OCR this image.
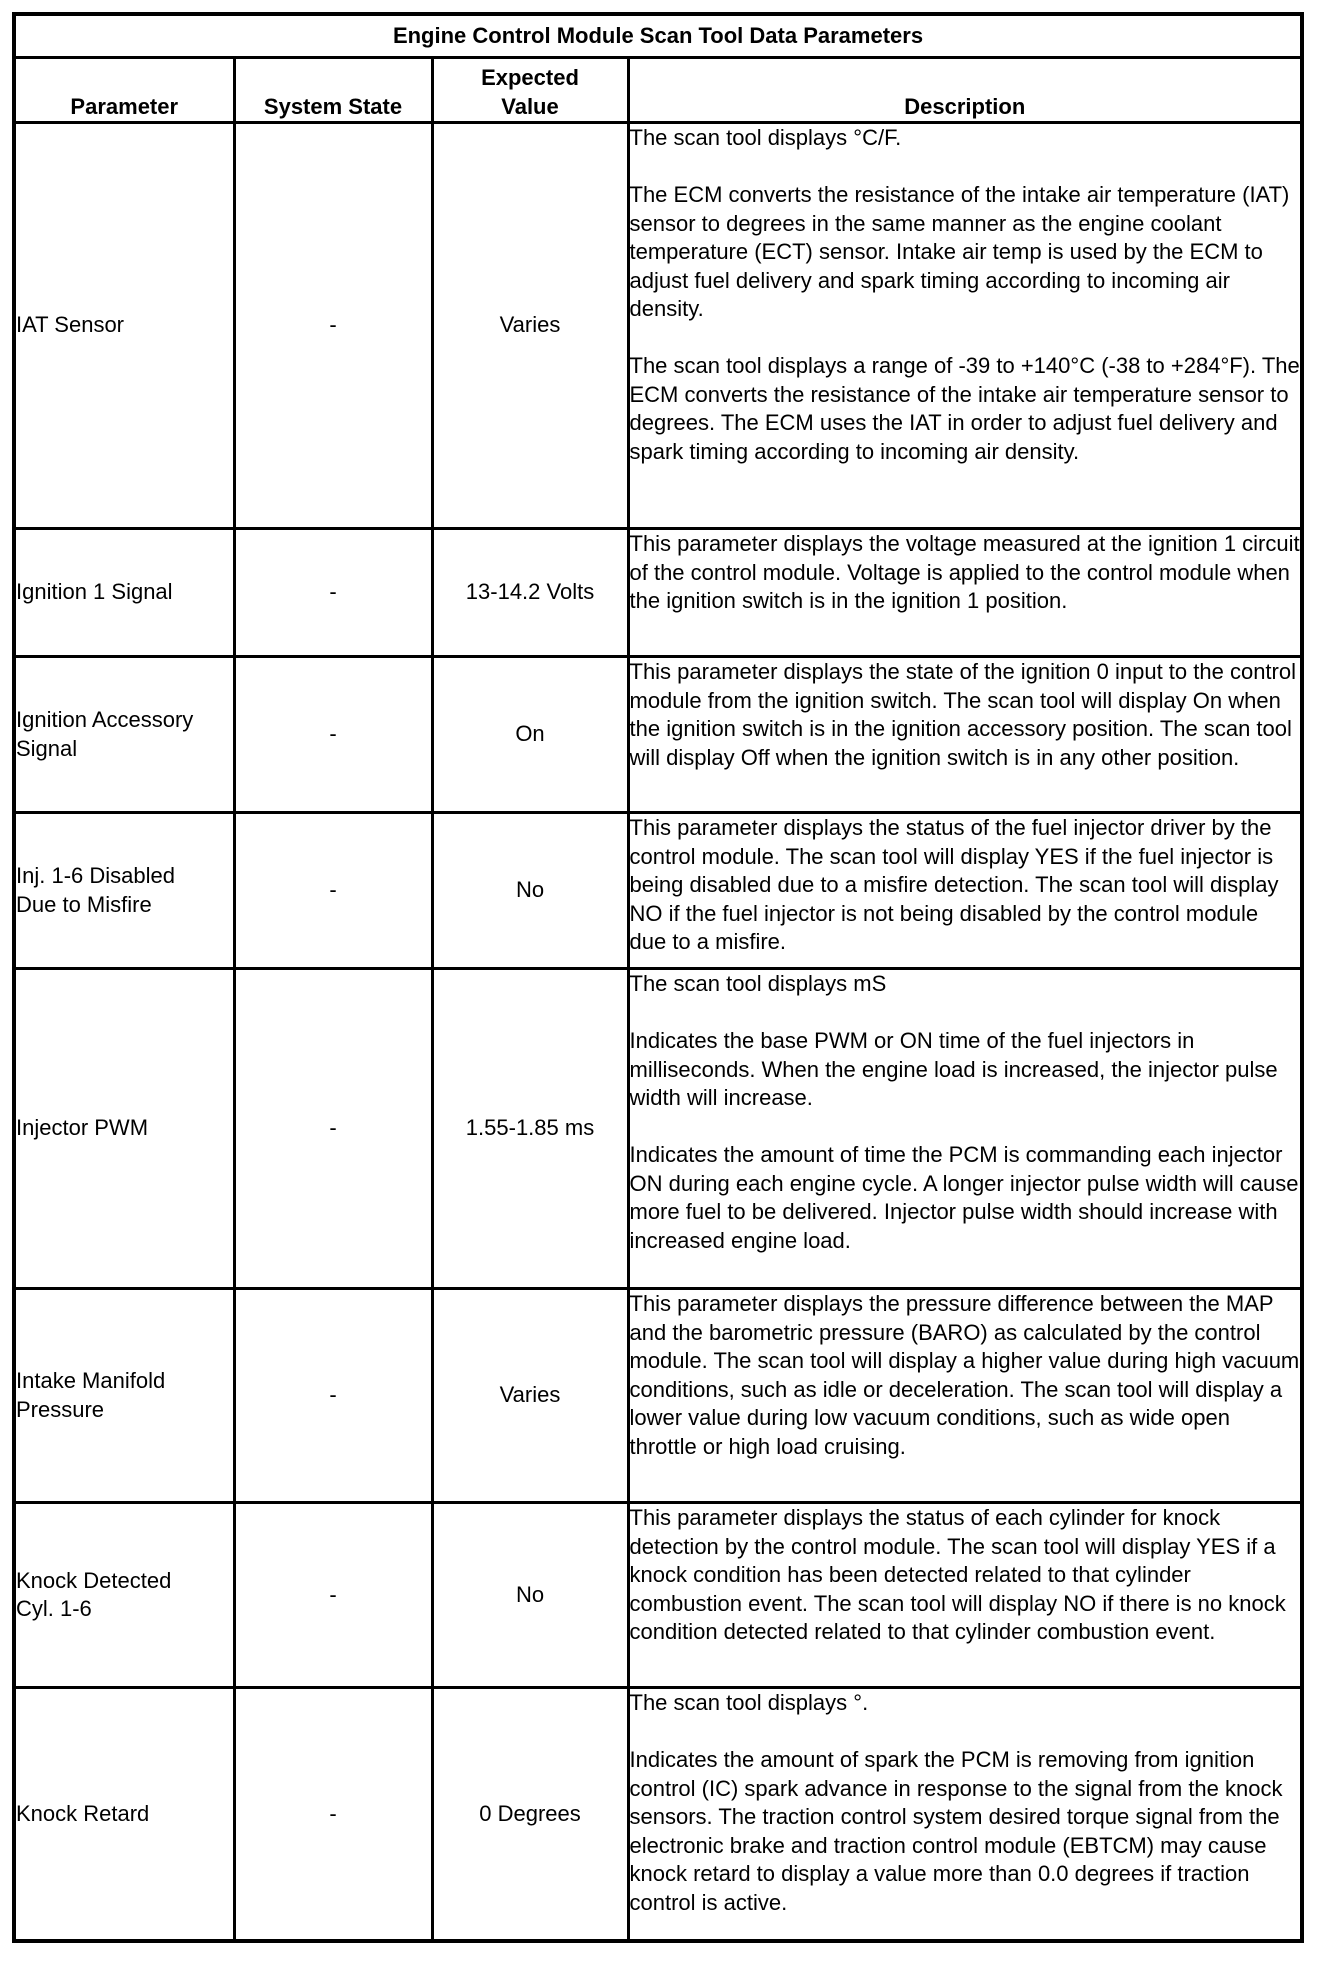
Engine Control Module Scan Tool Data Parameters			
Parameter	System State	Expected Value	Description
IAT Sensor	-	Varies	The scan tool displays °C/F.

The ECM converts the resistance of the intake air temperature (IAT) sensor to degrees in the same manner as the engine coolant temperature (ECT) sensor. Intake air temp is used by the ECM to adjust fuel delivery and spark timing according to incoming air density.

The scan tool displays a range of -39 to +140°C (-38 to +284°F). The ECM converts the resistance of the intake air temperature sensor to degrees. The ECM uses the IAT in order to adjust fuel delivery and spark timing according to incoming air density.

Ignition 1 Signal	-	13-14.2 Volts	This parameter displays the voltage measured at the ignition 1 circuit of the control module. Voltage is applied to the control module when the ignition switch is in the ignition 1 position.

Ignition Accessory Signal	-	On	This parameter displays the state of the ignition 0 input to the control module from the ignition switch. The scan tool will display On when the ignition switch is in the ignition accessory position. The scan tool will display Off when the ignition switch is in any other position.

Inj. 1-6 Disabled Due to Misfire	-	No	This parameter displays the status of the fuel injector driver by the control module. The scan tool will display YES if the fuel injector is being disabled due to a misfire detection. The scan tool will display NO if the fuel injector is not being disabled by the control module due to a misfire.

Injector PWM	-	1.55-1.85 ms	The scan tool displays mS

Indicates the base PWM or ON time of the fuel injectors in milliseconds. When the engine load is increased, the injector pulse width will increase.

Indicates the amount of time the PCM is commanding each injector ON during each engine cycle. A longer injector pulse width will cause more fuel to be delivered. Injector pulse width should increase with increased engine load.

Intake Manifold Pressure	-	Varies	This parameter displays the pressure difference between the MAP and the barometric pressure (BARO) as calculated by the control module. The scan tool will display a higher value during high vacuum conditions, such as idle or deceleration. The scan tool will display a lower value during low vacuum conditions, such as wide open throttle or high load cruising.

Knock Detected Cyl. 1-6	-	No	This parameter displays the status of each cylinder for knock detection by the control module. The scan tool will display YES if a knock condition has been detected related to that cylinder combustion event. The scan tool will display NO if there is no knock condition detected related to that cylinder combustion event.

Knock Retard	-	0 Degrees	The scan tool displays °.

Indicates the amount of spark the PCM is removing from ignition control (IC) spark advance in response to the signal from the knock sensors. The traction control system desired torque signal from the electronic brake and traction control module (EBTCM) may cause knock retard to display a value more than 0.0 degrees if traction control is active.
